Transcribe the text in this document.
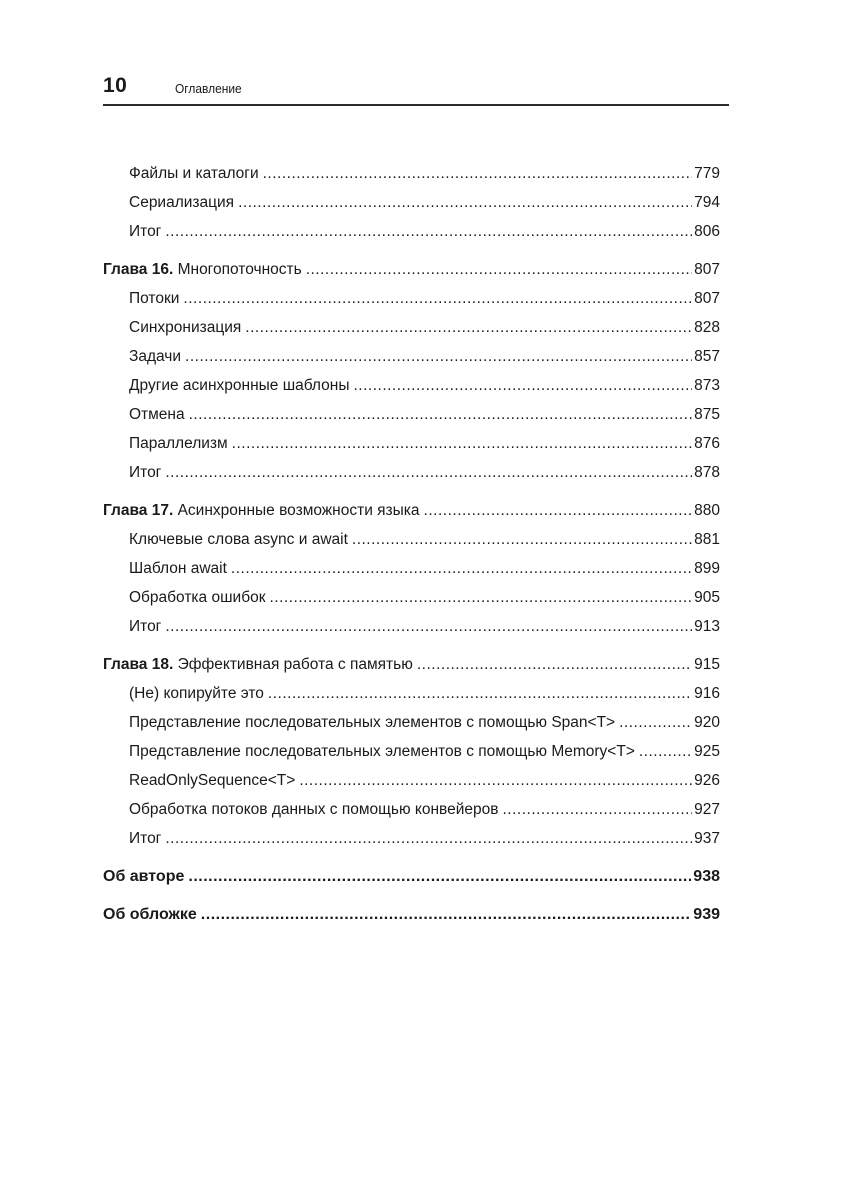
10	Оглавление
Файлы и каталоги .....	779
Сериализация .....	794
Итог .....	806
Глава 16. Многопоточность .....	807
Потоки .....	807
Синхронизация .....	828
Задачи .....	857
Другие асинхронные шаблоны .....	873
Отмена .....	875
Параллелизм .....	876
Итог .....	878
Глава 17. Асинхронные возможности языка .....	880
Ключевые слова async и await .....	881
Шаблон await .....	899
Обработка ошибок .....	905
Итог .....	913
Глава 18. Эффективная работа с памятью .....	915
(Не) копируйте это .....	916
Представление последовательных элементов с помощью Span<T> .....	920
Представление последовательных элементов с помощью Memory<T> .....	925
ReadOnlySequence<T> .....	926
Обработка потоков данных с помощью конвейеров .....	927
Итог .....	937
Об авторе .....	938
Об обложке .....	939
